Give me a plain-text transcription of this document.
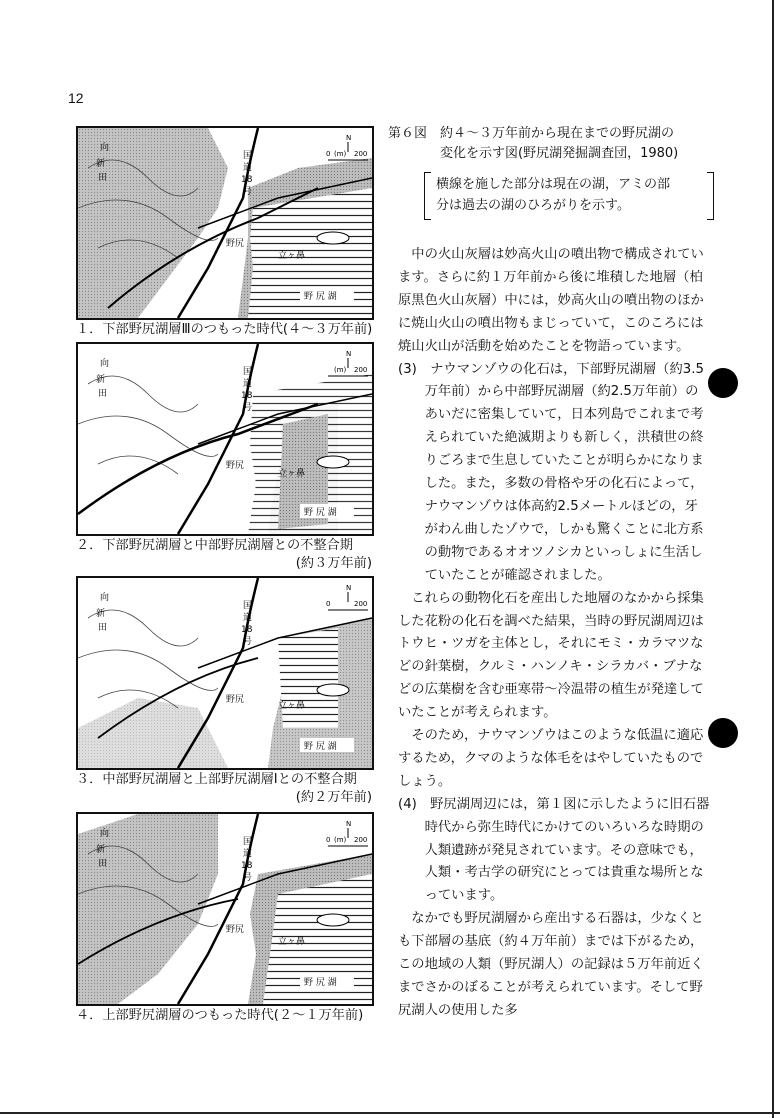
12
国
道
18
号
向
新
田
野尻
立ヶ鼻
野 尻 湖
0 (m) 200
N
１．下部野尻湖層Ⅲのつもった時代(４〜３万年前)
国
道
18
号
向
新
田
野尻
立ヶ鼻
野 尻 湖
(m) 200
N
２．下部野尻湖層と中部野尻湖層との不整合期
(約３万年前)
国
道
18
号
向
新
田
野尻
立ヶ鼻
野 尻 湖
0	200
N
３．中部野尻湖層と上部野尻湖層Ⅰとの不整合期
(約２万年前)
国
道
18
号
向
新
田
野尻
立ヶ鼻
野 尻 湖
0 (m) 200
N
４．上部野尻湖層のつもった時代(２〜１万年前)
第６図　約４〜３万年前から現在までの野尻湖の
変化を示す図(野尻湖発掘調査団，1980)
横線を施した部分は現在の湖，アミの部
分は過去の湖のひろがりを示す。

中の火山灰層は妙高火山の噴出物で構成されています。さらに約１万年前から後に堆積した地層（柏原黒色火山灰層）中には，妙高火山の噴出物のほかに焼山火山の噴出物もまじっていて，このころには焼山火山が活動を始めたことを物語っています。

(3)　ナウマンゾウの化石は，下部野尻湖層（約3.5万年前）から中部野尻湖層（約2.5万年前）のあいだに密集していて，日本列島でこれまで考えられていた絶滅期よりも新しく，洪積世の終りごろまで生息していたことが明らかになりました。また，多数の骨格や牙の化石によって，ナウマンゾウは体高約2.5メートルほどの，牙がわん曲したゾウで，しかも驚くことに北方系の動物であるオオツノシカといっしょに生活していたことが確認されました。

これらの動物化石を産出した地層のなかから採集した花粉の化石を調べた結果，当時の野尻湖周辺はトウヒ・ツガを主体とし，それにモミ・カラマツなどの針葉樹，クルミ・ハンノキ・シラカバ・ブナなどの広葉樹を含む亜寒帯〜冷温帯の植生が発達していたことが考えられます。

そのため，ナウマンゾウはこのような低温に適応するため，クマのような体毛をはやしていたものでしょう。

(4)　野尻湖周辺には，第１図に示したように旧石器時代から弥生時代にかけてのいろいろな時期の人類遺跡が発見されています。その意味でも，人類・考古学の研究にとっては貴重な場所となっています。

なかでも野尻湖層から産出する石器は，少なくとも下部層の基底（約４万年前）までは下がるため，この地域の人類（野尻湖人）の記録は５万年前近くまでさかのぼることが考えられています。そして野尻湖人の使用した多
